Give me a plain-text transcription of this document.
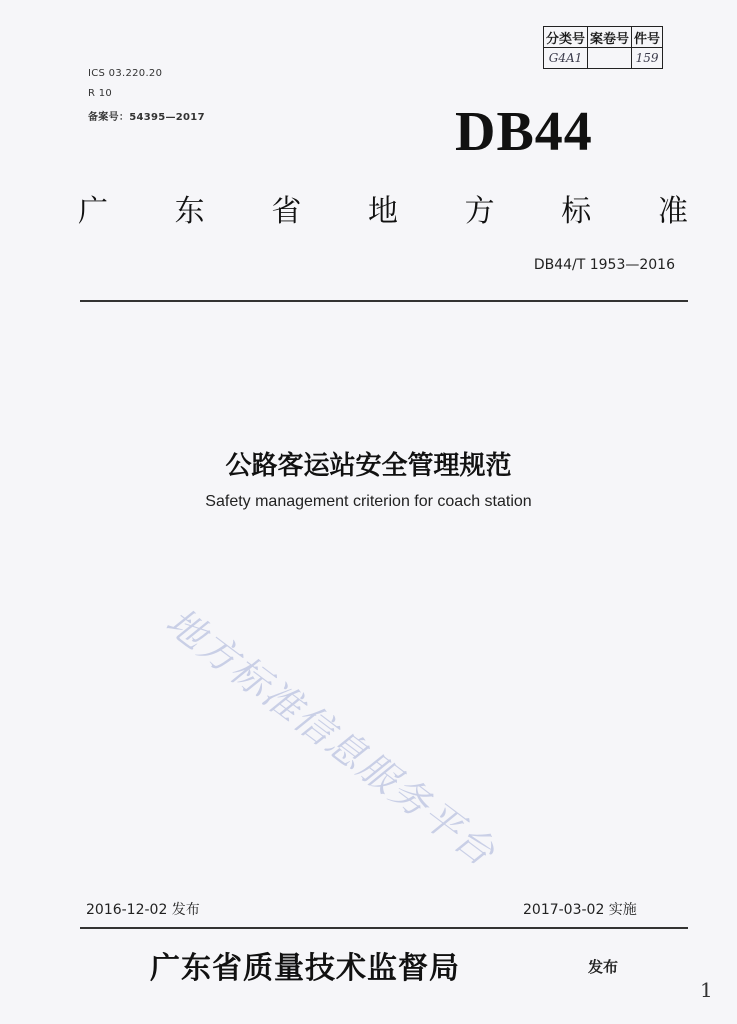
分类号	案卷号	件号
G4A1		159
ICS 03.220.20
R 10
备案号：54395—2017	DB44
广 东 省 地 方 标 准
DB44/T 1953—2016
公路客运站安全管理规范
Safety management criterion for coach station
地方标准信息服务平台
2016-12-02 发布	2017-03-02 实施
广东省质量技术监督局	发布
1
